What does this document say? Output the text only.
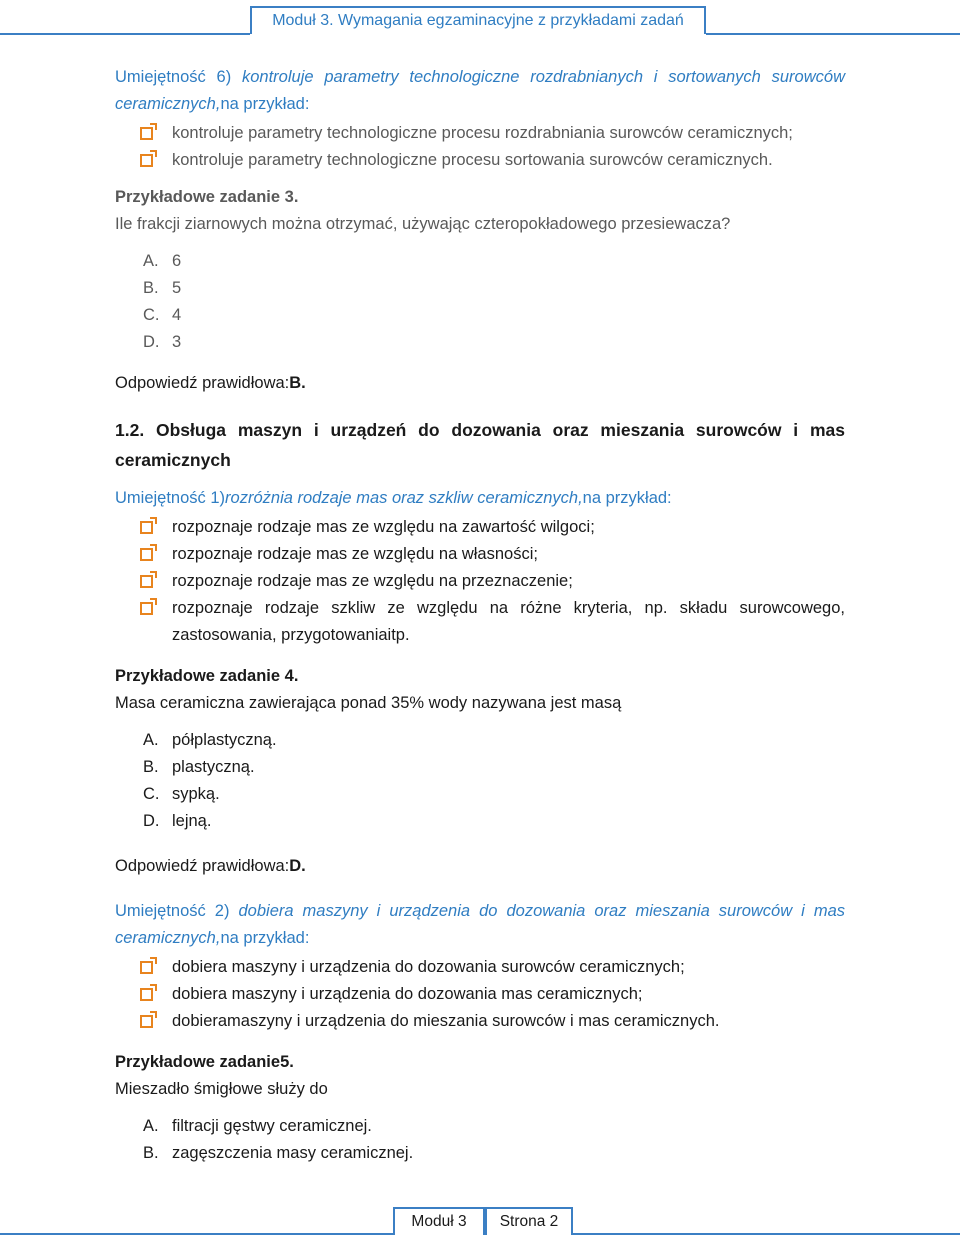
Moduł 3. Wymagania egzaminacyjne z przykładami zadań

Umiejętność 6) kontroluje parametry technologiczne rozdrabnianych i sortowanych surowców ceramicznych,na przykład:

kontroluje parametry technologiczne procesu rozdrabniania surowców ceramicznych;
kontroluje parametry technologiczne procesu sortowania surowców ceramicznych.

Przykładowe zadanie 3.

Ile frakcji ziarnowych można otrzymać, używając czteropokładowego przesiewacza?

A. 6
B. 5
C. 4
D. 3

Odpowiedź prawidłowa:B.

1.2. Obsługa maszyn i urządzeń do dozowania oraz mieszania surowców i mas ceramicznych

Umiejętność 1)rozróżnia rodzaje mas oraz szkliw ceramicznych,na przykład:

rozpoznaje rodzaje mas ze względu na zawartość wilgoci;
rozpoznaje rodzaje mas ze względu na własności;
rozpoznaje rodzaje mas ze względu na przeznaczenie;
rozpoznaje rodzaje szkliw ze względu na różne kryteria, np. składu surowcowego, zastosowania, przygotowaniaitp.

Przykładowe zadanie 4.

Masa ceramiczna zawierająca ponad 35% wody nazywana jest masą

A. półplastyczną.
B. plastyczną.
C. sypką.
D. lejną.

Odpowiedź prawidłowa:D.

Umiejętność 2) dobiera maszyny i urządzenia do dozowania oraz mieszania surowców i mas ceramicznych,na przykład:

dobiera maszyny i urządzenia do dozowania surowców ceramicznych;
dobiera maszyny i urządzenia do dozowania mas ceramicznych;
dobieramaszyny i urządzenia do mieszania surowców i mas ceramicznych.

Przykładowe zadanie5.

Mieszadło śmigłowe służy do

A. filtracji gęstwy ceramicznej.
B. zagęszczenia masy ceramicznej.
Moduł 3	Strona 2
